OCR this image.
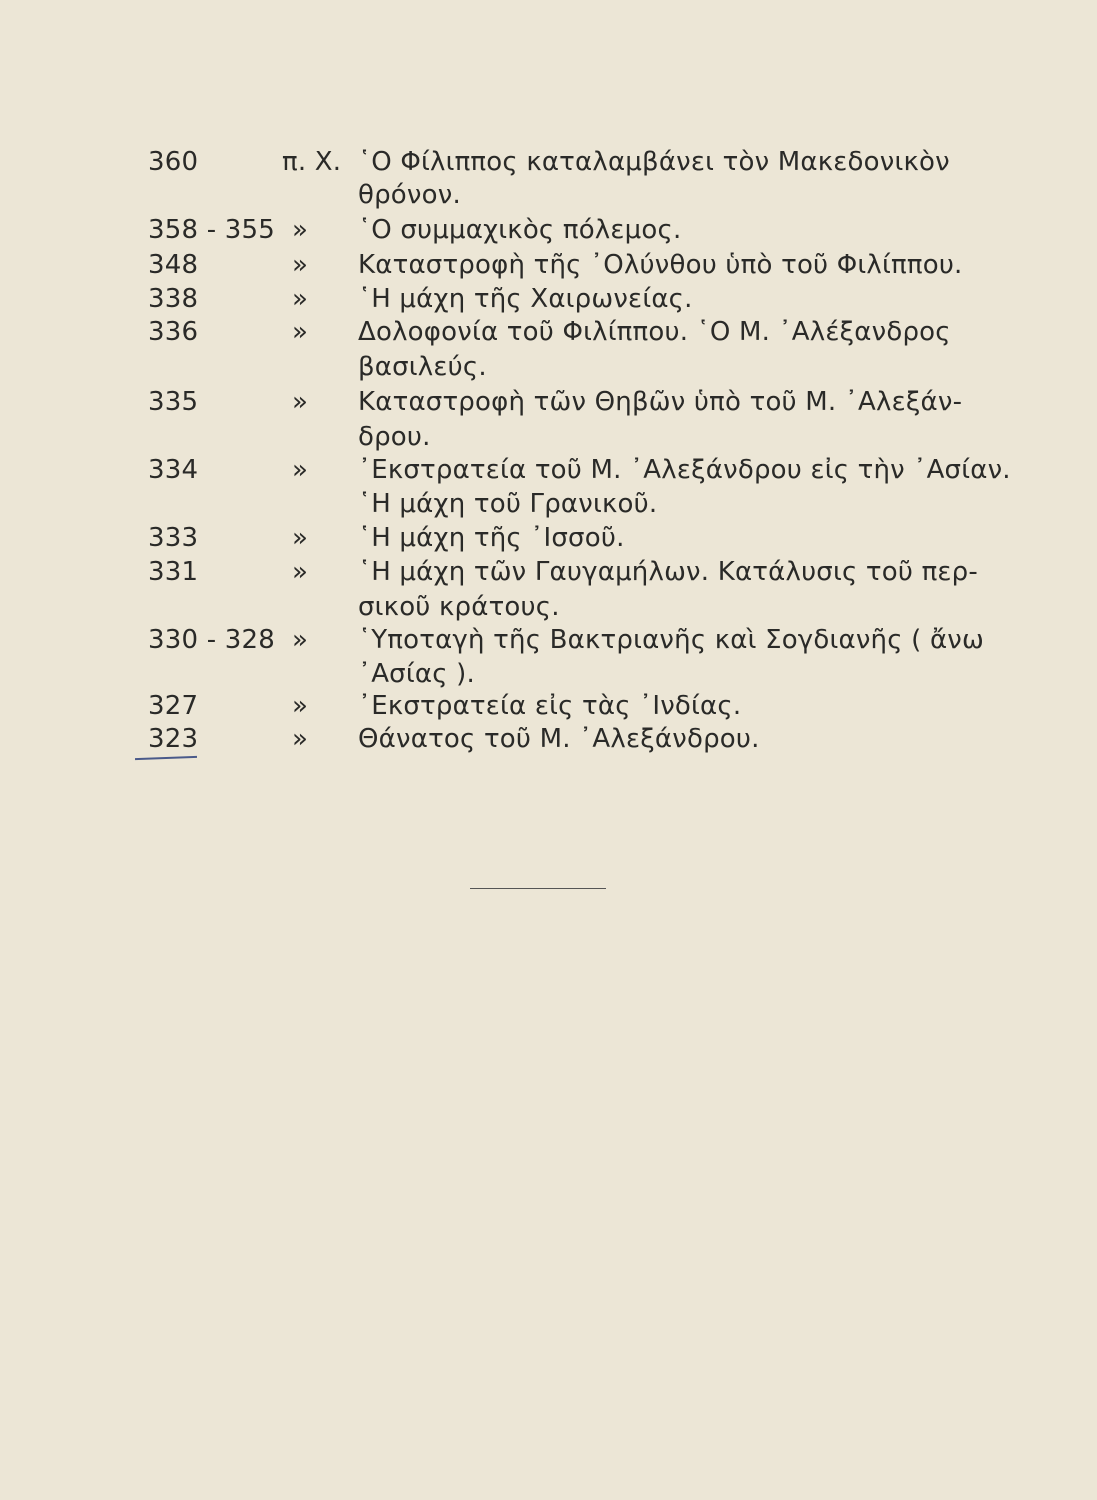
360	π. Χ. ῾Ο Φίλιππος καταλαμβάνει τὸν Μακεδονικὸν
θρόνον.
358 - 355 » ῾Ο συμμαχικὸς πόλεμος.
348	» Καταστροφὴ τῆς ᾿Ολύνθου ὑπὸ τοῦ Φιλίππου.
338	» ῾Η μάχη τῆς Χαιρωνείας.
336	» Δολοφονία τοῦ Φιλίππου. ῾Ο Μ. ᾿Αλέξανδρος
βασιλεύς.
335	» Καταστροφὴ τῶν Θηβῶν ὑπὸ τοῦ Μ. ᾿Αλεξάν-
δρου.
334	» ᾿Εκστρατεία τοῦ Μ. ᾿Αλεξάνδρου εἰς τὴν ᾿Ασίαν.
῾Η μάχη τοῦ Γρανικοῦ.
333	» ῾Η μάχη τῆς ᾿Ισσοῦ.
331	» ῾Η μάχη τῶν Γαυγαμήλων. Κατάλυσις τοῦ περ-
σικοῦ κράτους.
330 - 328 » ῾Υποταγὴ τῆς Βακτριανῆς καὶ Σογδιανῆς ( ἄνω
᾿Ασίας ).
327	» ᾿Εκστρατεία εἰς τὰς ᾿Ινδίας.
323	» Θάνατος τοῦ Μ. ᾿Αλεξάνδρου.
